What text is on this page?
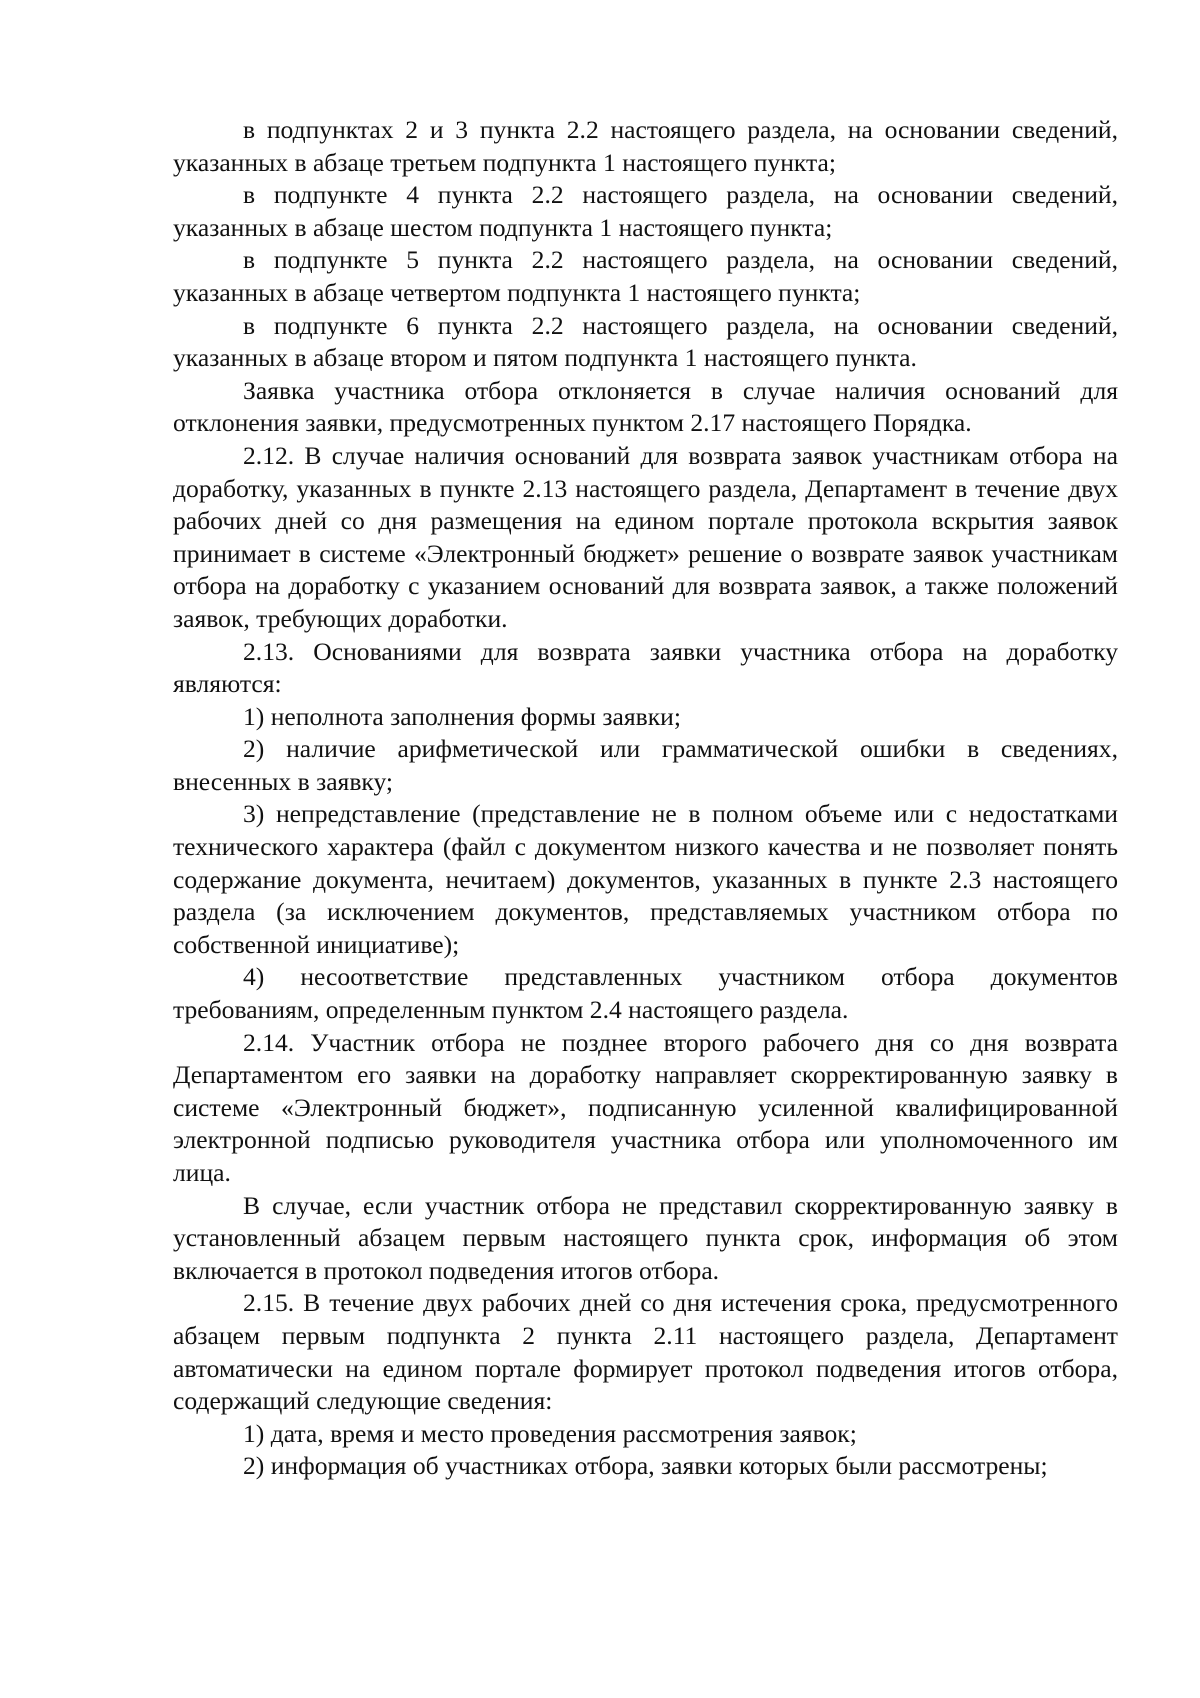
в подпунктах 2 и 3 пункта 2.2 настоящего раздела, на основании сведений, указанных в абзаце третьем подпункта 1 настоящего пункта;

в подпункте 4 пункта 2.2 настоящего раздела, на основании сведений, указанных в абзаце шестом подпункта 1 настоящего пункта;

в подпункте 5 пункта 2.2 настоящего раздела, на основании сведений, указанных в абзаце четвертом подпункта 1 настоящего пункта;

в подпункте 6 пункта 2.2 настоящего раздела, на основании сведений, указанных в абзаце втором и пятом подпункта 1 настоящего пункта.

Заявка участника отбора отклоняется в случае наличия оснований для отклонения заявки, предусмотренных пунктом 2.17 настоящего Порядка.

2.12. В случае наличия оснований для возврата заявок участникам отбора на доработку, указанных в пункте 2.13 настоящего раздела, Департамент в течение двух рабочих дней со дня размещения на едином портале протокола вскрытия заявок принимает в системе «Электронный бюджет» решение о возврате заявок участникам отбора на доработку с указанием оснований для возврата заявок, а также положений заявок, требующих доработки.

2.13. Основаниями для возврата заявки участника отбора на доработку являются:

1) неполнота заполнения формы заявки;

2) наличие арифметической или грамматической ошибки в сведениях, внесенных в заявку;

3) непредставление (представление не в полном объеме или с недостатками технического характера (файл с документом низкого качества и не позволяет понять содержание документа, нечитаем) документов, указанных в пункте 2.3 настоящего раздела (за исключением документов, представляемых участником отбора по собственной инициативе);

4) несоответствие представленных участником отбора документов требованиям, определенным пунктом 2.4 настоящего раздела.

2.14. Участник отбора не позднее второго рабочего дня со дня возврата Департаментом его заявки на доработку направляет скорректированную заявку в системе «Электронный бюджет», подписанную усиленной квалифицированной электронной подписью руководителя участника отбора или уполномоченного им лица.

В случае, если участник отбора не представил скорректированную заявку в установленный абзацем первым настоящего пункта срок, информация об этом включается в протокол подведения итогов отбора.

2.15. В течение двух рабочих дней со дня истечения срока, предусмотренного абзацем первым подпункта 2 пункта 2.11 настоящего раздела, Департамент автоматически на едином портале формирует протокол подведения итогов отбора, содержащий следующие сведения:

1) дата, время и место проведения рассмотрения заявок;

2) информация об участниках отбора, заявки которых были рассмотрены;
